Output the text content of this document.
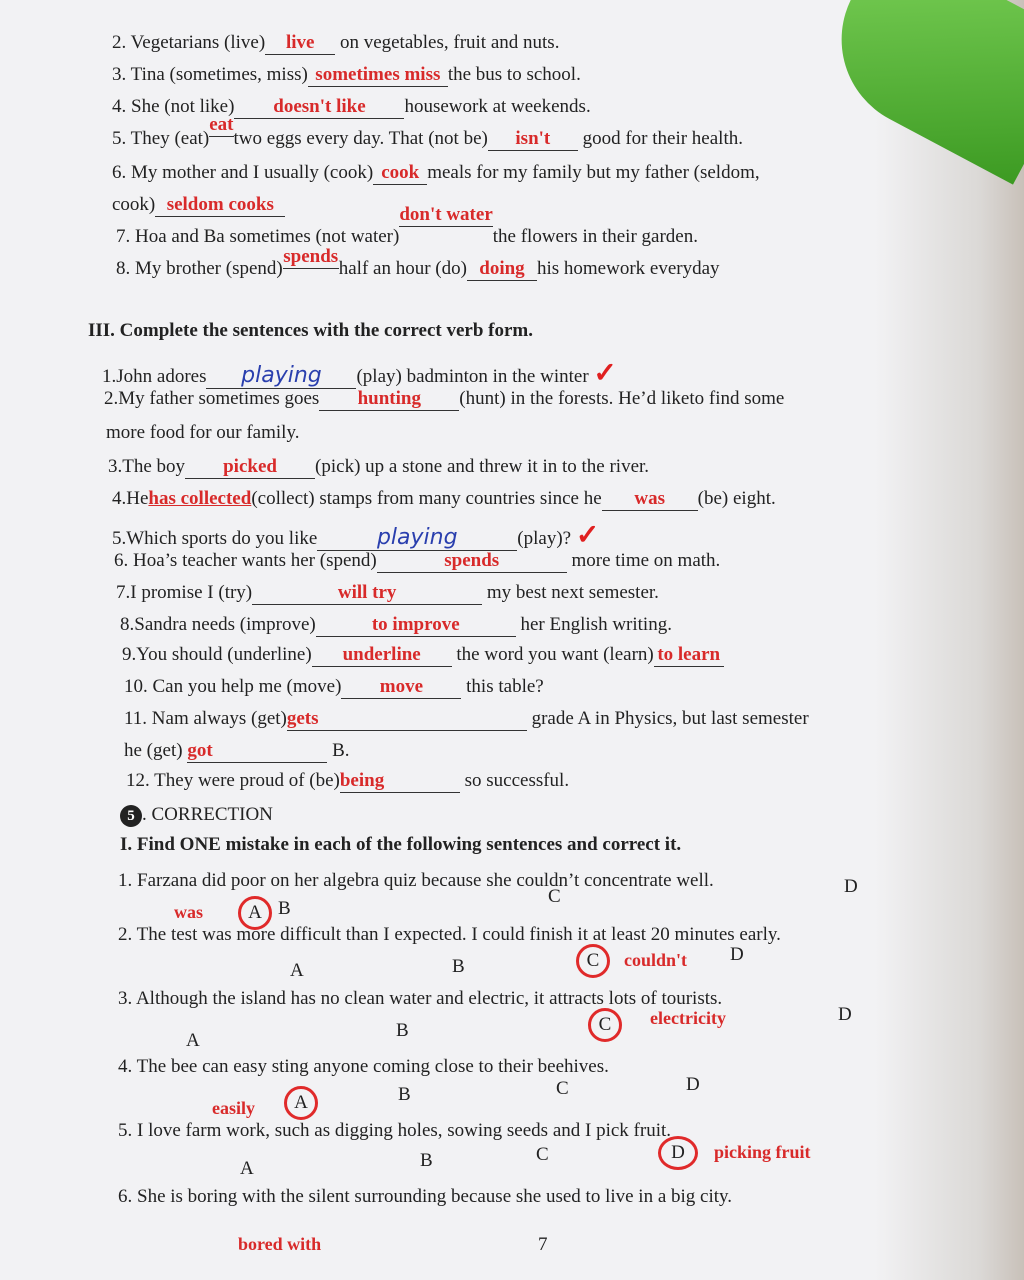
2. Vegetarians (live) live on vegetables, fruit and nuts.
3. Tina (sometimes, miss) sometimes miss the bus to school.
4. She (not like) doesn't like housework at weekends.
5. They (eat)eattwo eggs every day. That (not be) isn't good for their health.
6. My mother and I usually (cook) cook meals for my family but my father (seldom,
cook) seldom cooks
7. Hoa and Ba sometimes (not water)don't waterthe flowers in their garden.
8. My brother (spend)spendshalf an hour (do) doing his homework everyday
III. Complete the sentences with the correct verb form.
1.John adores playing (play) badminton in the winter ✓
2.My father sometimes goes hunting (hunt) in the forests. He’d liketo find some
more food for our family.
3.The boy picked (pick) up a stone and threw it in to the river.
4.Hehas collected(collect) stamps from many countries since he was (be) eight.
5.Which sports do you like	playing	(play)? ✓
6. Hoa’s teacher wants her (spend)	spends	more time on math.
7.I promise I (try)	will try	my best next semester.
8.Sandra needs (improve)	to improve	her English writing.
9.You should (underline) underline the word you want (learn) to learn
10. Can you help me (move) move this table?
11. Nam always (get)gets	grade A in Physics, but last semester
he (get) got	B.
12. They were proud of (be)being	so successful.
5 . CORRECTION
I. Find ONE mistake in each of the following sentences and correct it.
1. Farzana did poor on her algebra quiz because she couldn’t concentrate well.
was	A B
C	D
2. The test was more difficult than I expected. I could finish it at least 20 minutes early.
A	B	C	couldn't D
3. Although the island has no clean water and electric, it attracts lots of tourists.
A	B	C	electricity	D
4. The bee can easy sting anyone coming close to their beehives.
easily	A	B	C	D
5. I love farm work, such as digging holes, sowing seeds and I pick fruit.
A	B	C	D	picking fruit
6. She is boring with the silent surrounding because she used to live in a big city.
bored with	7
